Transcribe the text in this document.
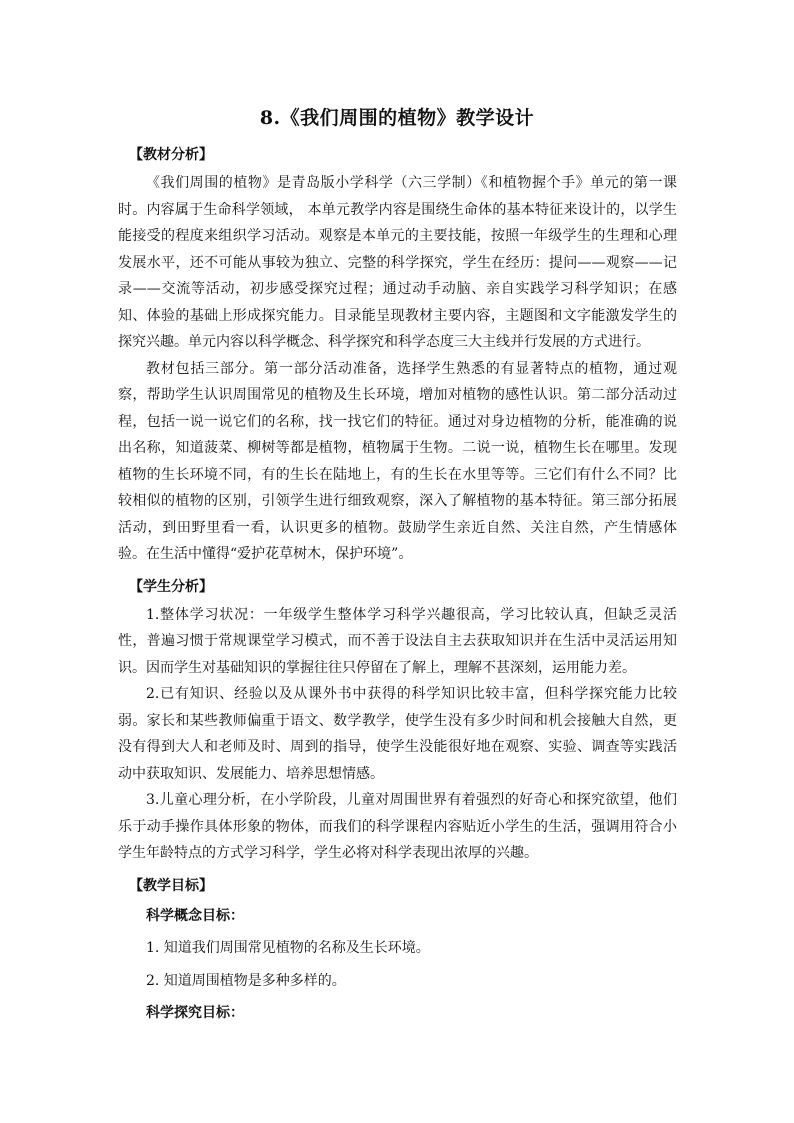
8.《我们周围的植物》教学设计

【教材分析】

《我们周围的植物》是青岛版小学科学（六三学制）《和植物握个手》单元的第一课时。内容属于生命科学领域， 本单元教学内容是围绕生命体的基本特征来设计的，以学生能接受的程度来组织学习活动。观察是本单元的主要技能，按照一年级学生的生理和心理发展水平，还不可能从事较为独立、完整的科学探究，学生在经历：提问——观察——记录——交流等活动，初步感受探究过程；通过动手动脑、亲自实践学习科学知识；在感知、体验的基础上形成探究能力。目录能呈现教材主要内容，主题图和文字能激发学生的探究兴趣。单元内容以科学概念、科学探究和科学态度三大主线并行发展的方式进行。

教材包括三部分。第一部分活动准备，选择学生熟悉的有显著特点的植物，通过观察，帮助学生认识周围常见的植物及生长环境，增加对植物的感性认识。第二部分活动过程，包括一说一说它们的名称，找一找它们的特征。通过对身边植物的分析，能准确的说出名称，知道菠菜、柳树等都是植物，植物属于生物。二说一说，植物生长在哪里。发现植物的生长环境不同，有的生长在陆地上，有的生长在水里等等。三它们有什么不同？比较相似的植物的区别，引领学生进行细致观察，深入了解植物的基本特征。第三部分拓展活动，到田野里看一看，认识更多的植物。鼓励学生亲近自然、关注自然，产生情感体验。在生活中懂得“爱护花草树木，保护环境”。

【学生分析】

1.整体学习状况：一年级学生整体学习科学兴趣很高，学习比较认真，但缺乏灵活性，普遍习惯于常规课堂学习模式，而不善于设法自主去获取知识并在生活中灵活运用知识。因而学生对基础知识的掌握往往只停留在了解上，理解不甚深刻，运用能力差。

2.已有知识、经验以及从课外书中获得的科学知识比较丰富，但科学探究能力比较弱。家长和某些教师偏重于语文、数学教学，使学生没有多少时间和机会接触大自然，更没有得到大人和老师及时、周到的指导，使学生没能很好地在观察、实验、调查等实践活动中获取知识、发展能力、培养思想情感。

3.儿童心理分析，在小学阶段，儿童对周围世界有着强烈的好奇心和探究欲望，他们乐于动手操作具体形象的物体，而我们的科学课程内容贴近小学生的生活，强调用符合小学生年龄特点的方式学习科学，学生必将对科学表现出浓厚的兴趣。

【教学目标】

科学概念目标：

1. 知道我们周围常见植物的名称及生长环境。

2. 知道周围植物是多种多样的。

科学探究目标：
